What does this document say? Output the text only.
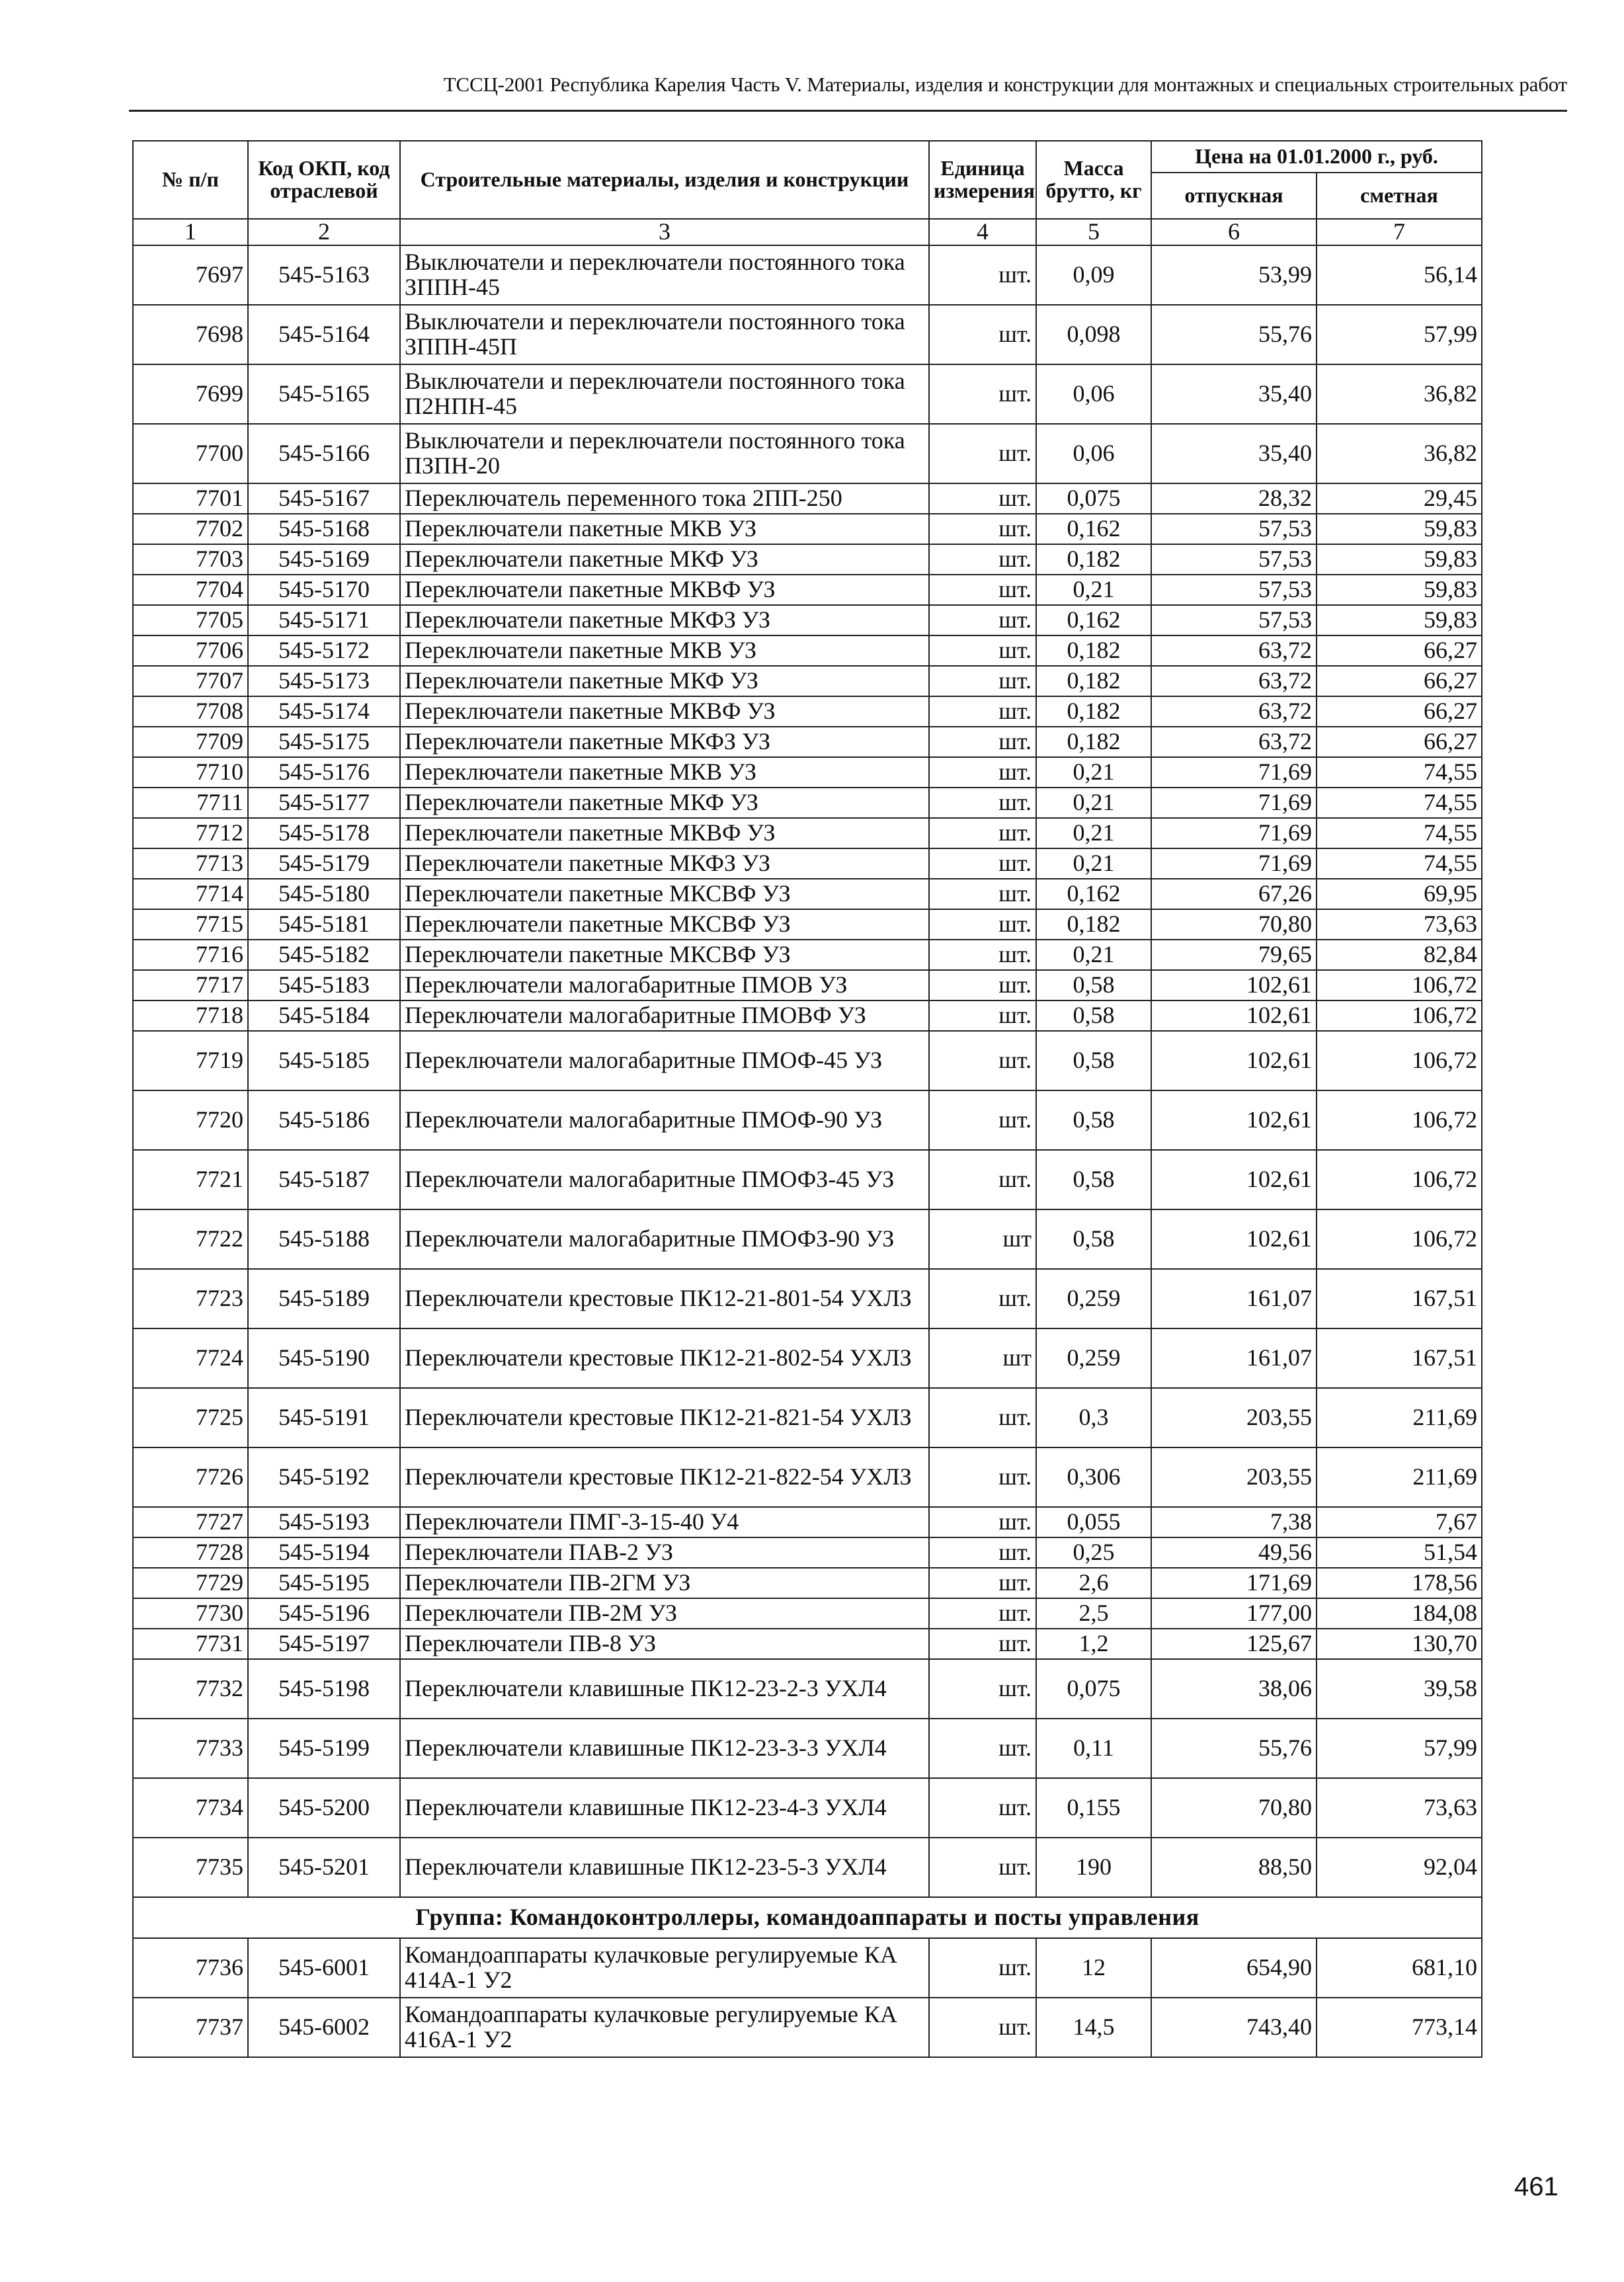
ТССЦ-2001 Республика Карелия Часть V. Материалы, изделия и конструкции для монтажных и специальных строительных работ
№ п/п	Код ОКП, код отраслевой	Строительные материалы, изделия и конструкции	Единица измерения	Масса брутто, кг	Цена на 01.01.2000 г., руб.	
					отпускная	сметная
1	2	3	4	5	6	7
7697	545-5163	Выключатели и переключатели постоянного тока ЗППН-45	шт.	0,09	53,99	56,14
7698	545-5164	Выключатели и переключатели постоянного тока ЗППН-45П	шт.	0,098	55,76	57,99
7699	545-5165	Выключатели и переключатели постоянного тока П2НПН-45	шт.	0,06	35,40	36,82
7700	545-5166	Выключатели и переключатели постоянного тока ПЗПН-20	шт.	0,06	35,40	36,82
7701	545-5167	Переключатель переменного тока 2ПП-250	шт.	0,075	28,32	29,45
7702	545-5168	Переключатели пакетные МКВ УЗ	шт.	0,162	57,53	59,83
7703	545-5169	Переключатели пакетные МКФ УЗ	шт.	0,182	57,53	59,83
7704	545-5170	Переключатели пакетные МКВФ УЗ	шт.	0,21	57,53	59,83
7705	545-5171	Переключатели пакетные МКФЗ УЗ	шт.	0,162	57,53	59,83
7706	545-5172	Переключатели пакетные МКВ УЗ	шт.	0,182	63,72	66,27
7707	545-5173	Переключатели пакетные МКФ УЗ	шт.	0,182	63,72	66,27
7708	545-5174	Переключатели пакетные МКВФ УЗ	шт.	0,182	63,72	66,27
7709	545-5175	Переключатели пакетные МКФЗ УЗ	шт.	0,182	63,72	66,27
7710	545-5176	Переключатели пакетные МКВ УЗ	шт.	0,21	71,69	74,55
7711	545-5177	Переключатели пакетные МКФ УЗ	шт.	0,21	71,69	74,55
7712	545-5178	Переключатели пакетные МКВФ УЗ	шт.	0,21	71,69	74,55
7713	545-5179	Переключатели пакетные МКФЗ УЗ	шт.	0,21	71,69	74,55
7714	545-5180	Переключатели пакетные МКСВФ УЗ	шт.	0,162	67,26	69,95
7715	545-5181	Переключатели пакетные МКСВФ УЗ	шт.	0,182	70,80	73,63
7716	545-5182	Переключатели пакетные МКСВФ УЗ	шт.	0,21	79,65	82,84
7717	545-5183	Переключатели малогабаритные ПМОВ УЗ	шт.	0,58	102,61	106,72
7718	545-5184	Переключатели малогабаритные ПМОВФ УЗ	шт.	0,58	102,61	106,72
7719	545-5185	Переключатели малогабаритные ПМОФ-45 УЗ	шт.	0,58	102,61	106,72
7720	545-5186	Переключатели малогабаритные ПМОФ-90 УЗ	шт.	0,58	102,61	106,72
7721	545-5187	Переключатели малогабаритные ПМОФЗ-45 УЗ	шт.	0,58	102,61	106,72
7722	545-5188	Переключатели малогабаритные ПМОФЗ-90 УЗ	шт	0,58	102,61	106,72
7723	545-5189	Переключатели крестовые ПК12-21-801-54 УХЛЗ	шт.	0,259	161,07	167,51
7724	545-5190	Переключатели крестовые ПК12-21-802-54 УХЛЗ	шт	0,259	161,07	167,51
7725	545-5191	Переключатели крестовые ПК12-21-821-54 УХЛЗ	шт.	0,3	203,55	211,69
7726	545-5192	Переключатели крестовые ПК12-21-822-54 УХЛЗ	шт.	0,306	203,55	211,69
7727	545-5193	Переключатели ПМГ-3-15-40 У4	шт.	0,055	7,38	7,67
7728	545-5194	Переключатели ПАВ-2 УЗ	шт.	0,25	49,56	51,54
7729	545-5195	Переключатели ПВ-2ГМ УЗ	шт.	2,6	171,69	178,56
7730	545-5196	Переключатели ПВ-2М УЗ	шт.	2,5	177,00	184,08
7731	545-5197	Переключатели ПВ-8 УЗ	шт.	1,2	125,67	130,70
7732	545-5198	Переключатели клавишные ПК12-23-2-3 УХЛ4	шт.	0,075	38,06	39,58
7733	545-5199	Переключатели клавишные ПК12-23-3-3 УХЛ4	шт.	0,11	55,76	57,99
7734	545-5200	Переключатели клавишные ПК12-23-4-3 УХЛ4	шт.	0,155	70,80	73,63
7735	545-5201	Переключатели клавишные ПК12-23-5-3 УХЛ4	шт.	190	88,50	92,04
Группа: Командоконтроллеры, командоаппараты и посты управления						
7736	545-6001	Командоаппараты кулачковые регулируемые КА 414А-1 У2	шт.	12	654,90	681,10
7737	545-6002	Командоаппараты кулачковые регулируемые КА 416А-1 У2	шт.	14,5	743,40	773,14
461
